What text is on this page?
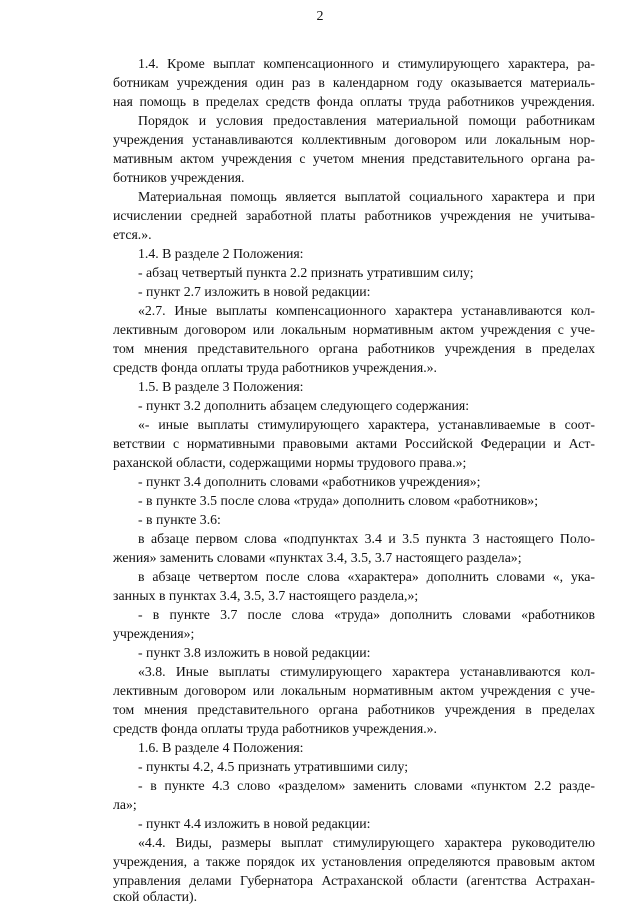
2
1.4. Кроме выплат компенсационного и стимулирующего характера, ра-
ботникам учреждения один раз в календарном году оказывается материаль-
ная помощь в пределах средств фонда оплаты труда работников учреждения.
Порядок и условия предоставления материальной помощи работникам
учреждения устанавливаются коллективным договором или локальным нор-
мативным актом учреждения с учетом мнения представительного органа ра-
ботников учреждения.
Материальная помощь является выплатой социального характера и при
исчислении средней заработной платы работников учреждения не учитыва-
ется.».
1.4. В разделе 2 Положения:
- абзац четвертый пункта 2.2 признать утратившим силу;
- пункт 2.7 изложить в новой редакции:
«2.7. Иные выплаты компенсационного характера устанавливаются кол-
лективным договором или локальным нормативным актом учреждения с уче-
том мнения представительного органа работников учреждения в пределах
средств фонда оплаты труда работников учреждения.».
1.5. В разделе 3 Положения:
- пункт 3.2 дополнить абзацем следующего содержания:
«- иные выплаты стимулирующего характера, устанавливаемые в соот-
ветствии с нормативными правовыми актами Российской Федерации и Аст-
раханской области, содержащими нормы трудового права.»;
- пункт 3.4 дополнить словами «работников учреждения»;
- в пункте 3.5 после слова «труда» дополнить словом «работников»;
- в пункте 3.6:
в абзаце первом слова «подпунктах 3.4 и 3.5 пункта 3 настоящего Поло-
жения» заменить словами «пунктах 3.4, 3.5, 3.7 настоящего раздела»;
в абзаце четвертом после слова «характера» дополнить словами «, ука-
занных в пунктах 3.4, 3.5, 3.7 настоящего раздела,»;
- в пункте 3.7 после слова «труда» дополнить словами «работников
учреждения»;
- пункт 3.8 изложить в новой редакции:
«3.8. Иные выплаты стимулирующего характера устанавливаются кол-
лективным договором или локальным нормативным актом учреждения с уче-
том мнения представительного органа работников учреждения в пределах
средств фонда оплаты труда работников учреждения.».
1.6. В разделе 4 Положения:
- пункты 4.2, 4.5 признать утратившими силу;
- в пункте 4.3 слово «разделом» заменить словами «пунктом 2.2 разде-
ла»;
- пункт 4.4 изложить в новой редакции:
«4.4. Виды, размеры выплат стимулирующего характера руководителю
учреждения, а также порядок их установления определяются правовым актом
управления делами Губернатора Астраханской области (агентства Астрахан-
ской области).
